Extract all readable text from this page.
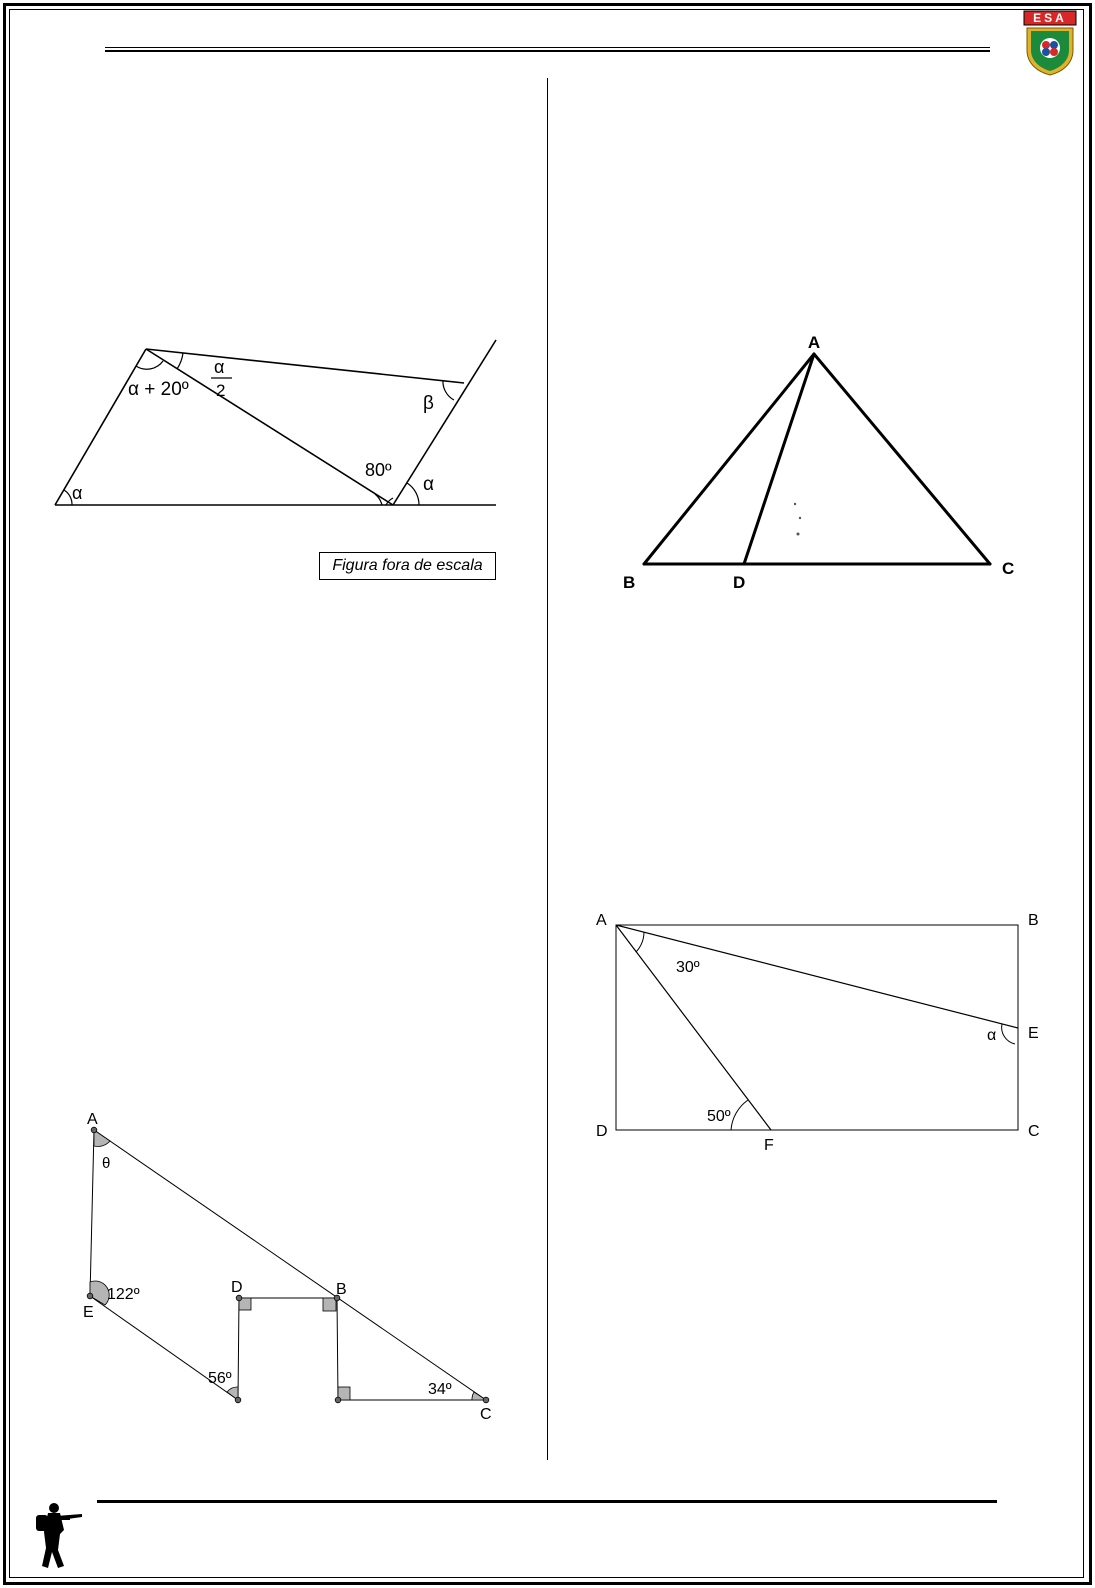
ESA
α
α + 20º
α
2
β
80º
α
Figura fora de escala
A
B	D
C
A	B
E
D	C
F
30º
α
50º
A
θ
122º
E
D	B
56º
34º
C
